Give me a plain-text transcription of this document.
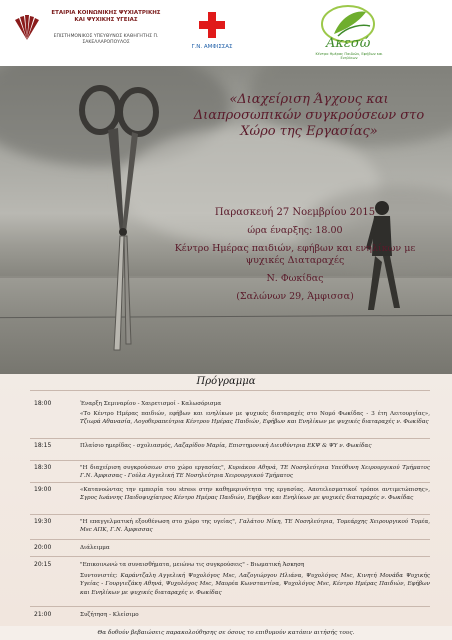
ΕΤΑΙΡΙΑ ΚΟΙΝΩΝΙΚΗΣ ΨΥΧΙΑΤΡΙΚΗΣ ΚΑΙ ΨΥΧΙΚΗΣ ΥΓΕΙΑΣ
ΕΠΙΣΤΗΜΟΝΙΚΟΣ ΥΠΕΥΘΥΝΟΣ ΚΑΘΗΓΗΤΗΣ Π. ΣΑΚΕΛΛΑΡΟΠΟΥΛΟΣ
Γ.Ν. ΑΜΦΙΣΣΑΣ	Ακεσώ
Κέντρο Ημέρας Παιδιών, Εφήβων και Ενηλίκων
«Διαχείριση Άγχους και Διαπροσωπικών συγκρούσεων στο Χώρο της Εργασίας»
Παρασκευή 27 Νοεμβρίου 2015
ώρα έναρξης: 18.00
Κέντρο Ημέρας παιδιών, εφήβων και ενηλίκων με ψυχικές Διαταραχές
Ν. Φωκίδας
(Σαλώνων 29, Άμφισσα)
Πρόγραμμα
18:00	Έναρξη Σεμιναρίου - Χαιρετισμοί - Καλωσόρισμα
«Το Κέντρο Ημέρας παιδιών, εφήβων και ενηλίκων με ψυχικές διαταραχές στο Νομό Φωκίδας - 3 έτη Λειτουργίας», Τζιωρά Αθανασία, Λογοθεραπεύτρια Κέντρου Ημέρας Παιδιών, Εφήβων και Ενηλίκων με ψυχικές διαταραχές ν. Φωκίδας
18:15	Πλαίσιο ημερίδας - σχολιασμός, Λαζαρίδου Μαρία, Επιστημονική Διευθύντρια ΕΚΨ & ΨΥ ν. Φωκίδας
18:30	"Η διαχείριση συγκρούσεων στο χώρο εργασίας", Κυριάκου Αθηνά, ΤΕ Νοσηλεύτρια Υπεύθυνη Χειρουργικού Τμήματος Γ.Ν. Άμφισσας - Γούλα Αγγελική ΤΕ Νοσηλεύτρια Χειρουργικού Τμήματος
19:00	«Κατανοώντας την εμπειρία του stress στην καθημερινότητα της εργασίας. Αποτελεσματικοί τρόποι αντιμετώπισης», Σγρος Ιωάννης Παιδοψυχίατρος Κέντρο Ημέρας Παιδιών, Εφήβων και Ενηλίκων με ψυχικές διαταραχές ν. Φωκίδας
19:30	"Η επαγγελματική εξουθένωση στο χώρο της υγείας", Γαλάτου Νίκη, ΤΕ Νοσηλεύτρια, Τομεάρχης Χειρουργικού Τομέα, Msc ΑΠΚ, Γ.Ν. Άμφισσας
20:00	Διάλειμμα
20:15	"Επικοινωνώ τα συναισθήματα, μειώνω τις συγκρούσεις" - Βιωματική Άσκηση
Συντονιστές: Καράντζαλη Αγγελική Ψυχολόγος Msc, Λαζογιώργου Ηλιάνα, Ψυχολόγος Msc, Κινητή Μονάδα Ψυχικής Υγείας - Γουργιεζάκη Αθηνά, Ψυχολόγος Msc, Μαυρέα Κωνσταντίνα, Ψυχολόγος Msc, Κέντρο Ημέρας Παιδιών, Εφήβων και Ενηλίκων με ψυχικές διαταραχές ν. Φωκίδας
21:00	Συζήτηση - Κλείσιμο
Θα δοθούν βεβαιώσεις παρακολούθησης σε όσους το επιθυμούν κατόπιν αιτήσής τους.
